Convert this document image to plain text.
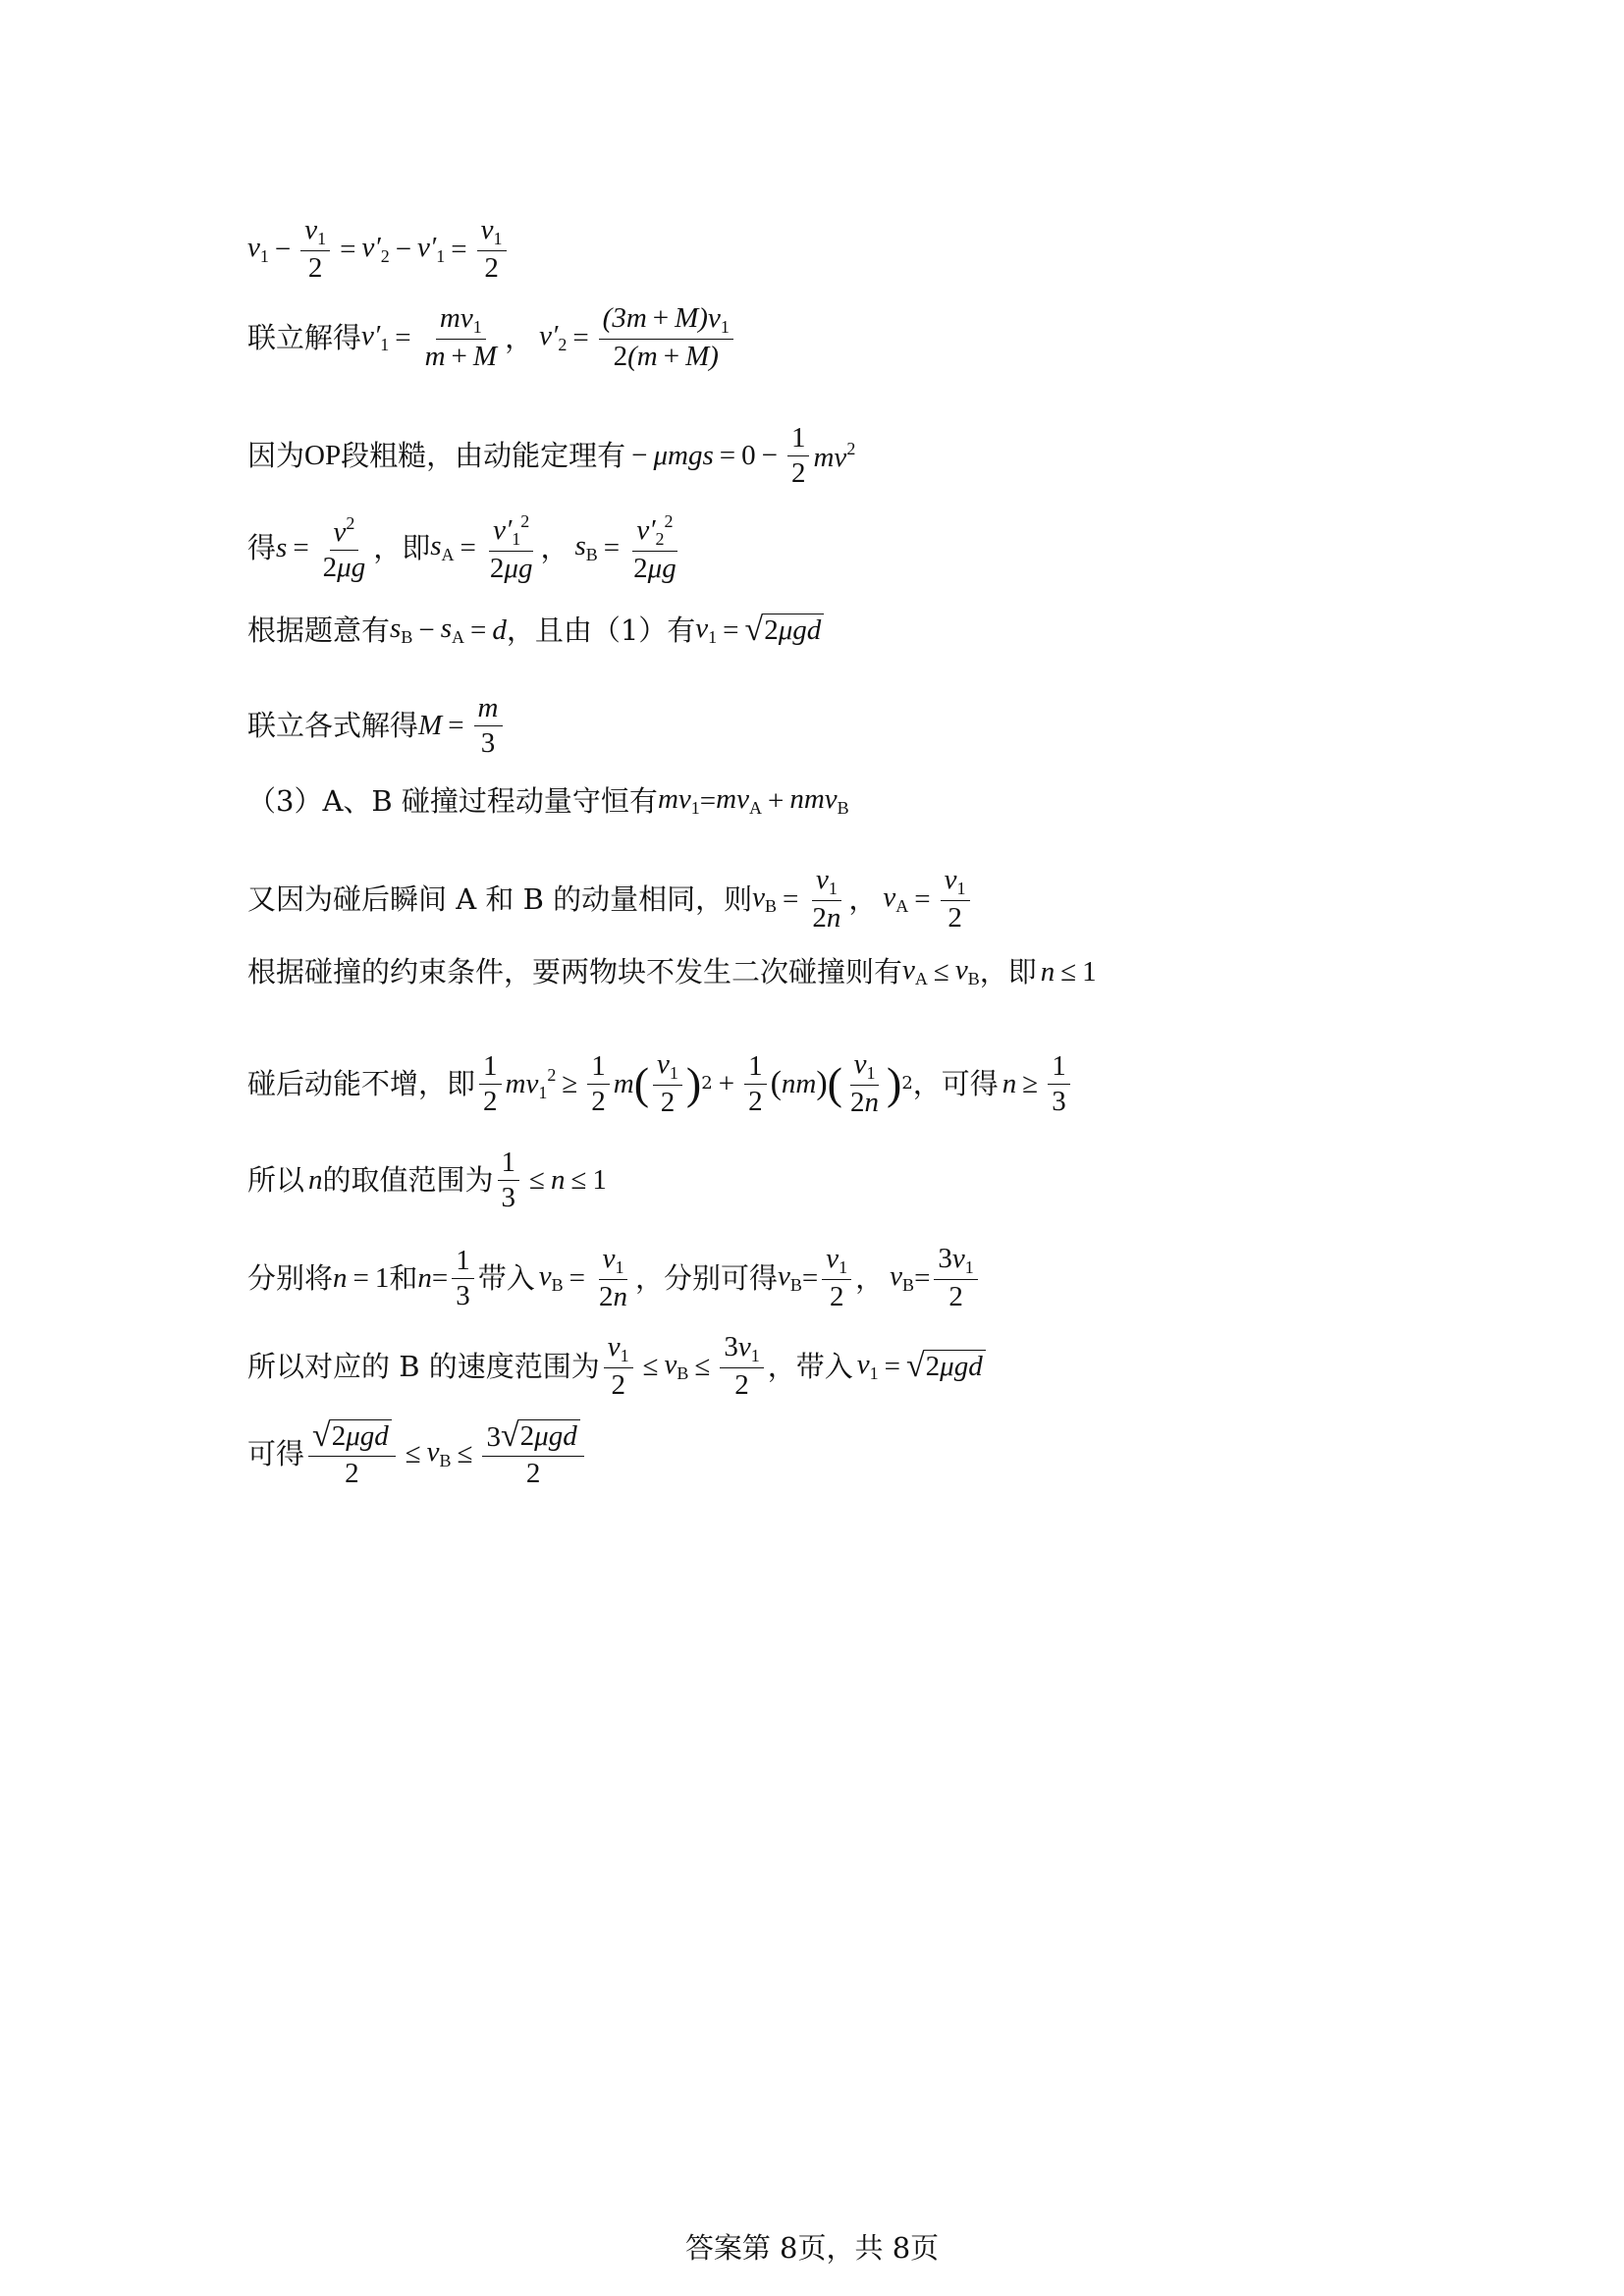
$v_1 - \frac{v_1}{2} = v'_2 - v'_1 = \frac{v_1}{2}$
联立解得 $v'_1 = \frac{mv_1}{m + M}$ ， $v'_2 = \frac{(3m + M)v_1}{2(m + M)}$
因为 OP 段粗糙，由动能定理有 − $\mu mgs = 0 - \frac{1}{2} mv^2$
得 $s = \frac{v^2}{2\mu g}$ ，即 $s_A = \frac{v'_1^2}{2\mu g}$ ， $s_B = \frac{v'_2^2}{2\mu g}$
根据题意有 $s_B - s_A = d$ ，且由（1）有 $v_1$ = √ 2μgd
联立各式解得 $M = \frac{m}{3}$
（3）A、B 碰撞过程动量守恒有 $mv_1 = mv_A + nmv_B$
又因为碰后瞬间 A 和 B 的动量相同，则 $v_B = \frac{v_1}{2n}$ ， $v_A = \frac{v_1}{2}$
根据碰撞的约束条件，要两物块不发生二次碰撞则有 $v_A \le v_B$ ，即 n ≤ 1
碰后动能不增，即 $\frac{1}{2} mv_1^2 \ge \frac{1}{2}$ m ( $\frac{v_1}{2}$ ) $2 + \frac{1}{2}$ ( nm ) ( $\frac{v_1}{2n}$ ) 2 ，可得 $n \ge \frac{1}{3}$
所以 n 的取值范围为 $\frac{1}{3} \le n \le 1$
分别将 n = 1 和 $n = \frac{1}{3}$ 带入 $v_B = \frac{v_1}{2n}$ ，分别可得 $v_B = \frac{v_1}{2}$ ， $v_B = \frac{3v_1}{2}$
所以对应的 B 的速度范围为 $\frac{v_1}{2} \le v_B \le \frac{3v_1}{2}$ ，带入 $v_1$ = √ 2μgd
可得 $\frac{\text{√ 2μgd}}{2} \le v_B \le \frac{\text{3 √ 2μgd}}{2}$
答案第 8页，共 8页
